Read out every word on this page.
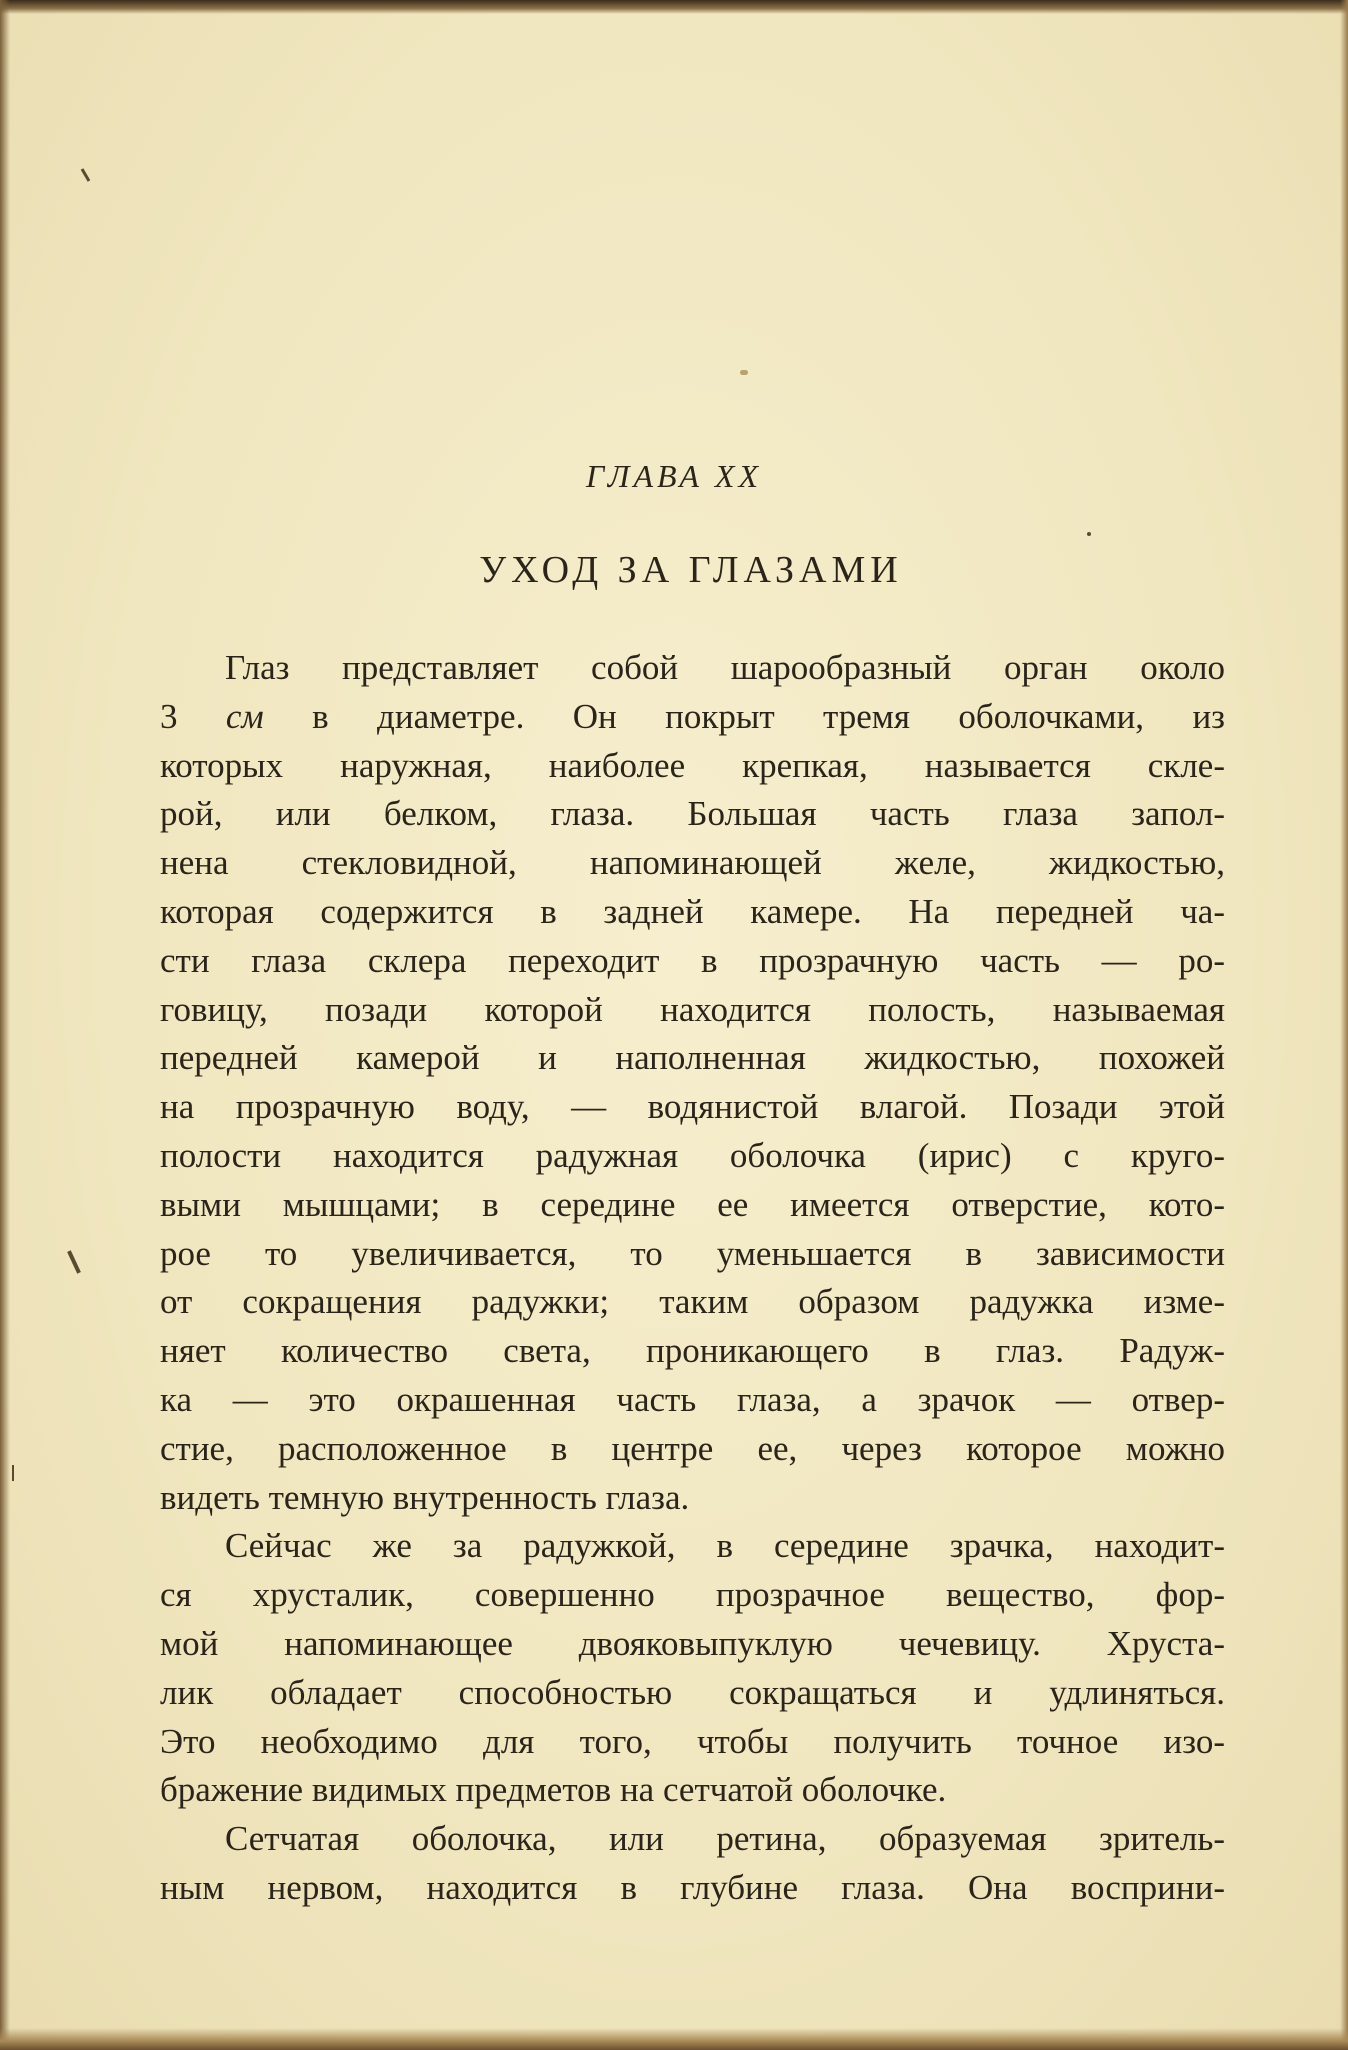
ГЛАВА XX
УХОД ЗА ГЛАЗАМИ
Глаз представляет собой шарообразный орган около
3 см в диаметре. Он покрыт тремя оболочками, из
которых наружная, наиболее крепкая, называется скле-
рой, или белком, глаза. Большая часть глаза запол-
нена стекловидной, напоминающей желе, жидкостью,
которая содержится в задней камере. На передней ча-
сти глаза склера переходит в прозрачную часть — ро-
говицу, позади которой находится полость, называемая
передней камерой и наполненная жидкостью, похожей
на прозрачную воду, — водянистой влагой. Позади этой
полости находится радужная оболочка (ирис) с круго-
выми мышцами; в середине ее имеется отверстие, кото-
рое то увеличивается, то уменьшается в зависимости
от сокращения радужки; таким образом радужка изме-
няет количество света, проникающего в глаз. Радуж-
ка — это окрашенная часть глаза, а зрачок — отвер-
стие, расположенное в центре ее, через которое можно
видеть темную внутренность глаза.
Сейчас же за радужкой, в середине зрачка, находит-
ся хрусталик, совершенно прозрачное вещество, фор-
мой напоминающее двояковыпуклую чечевицу. Хруста-
лик обладает способностью сокращаться и удлиняться.
Это необходимо для того, чтобы получить точное изо-
бражение видимых предметов на сетчатой оболочке.
Сетчатая оболочка, или ретина, образуемая зритель-
ным нервом, находится в глубине глаза. Она восприни-
